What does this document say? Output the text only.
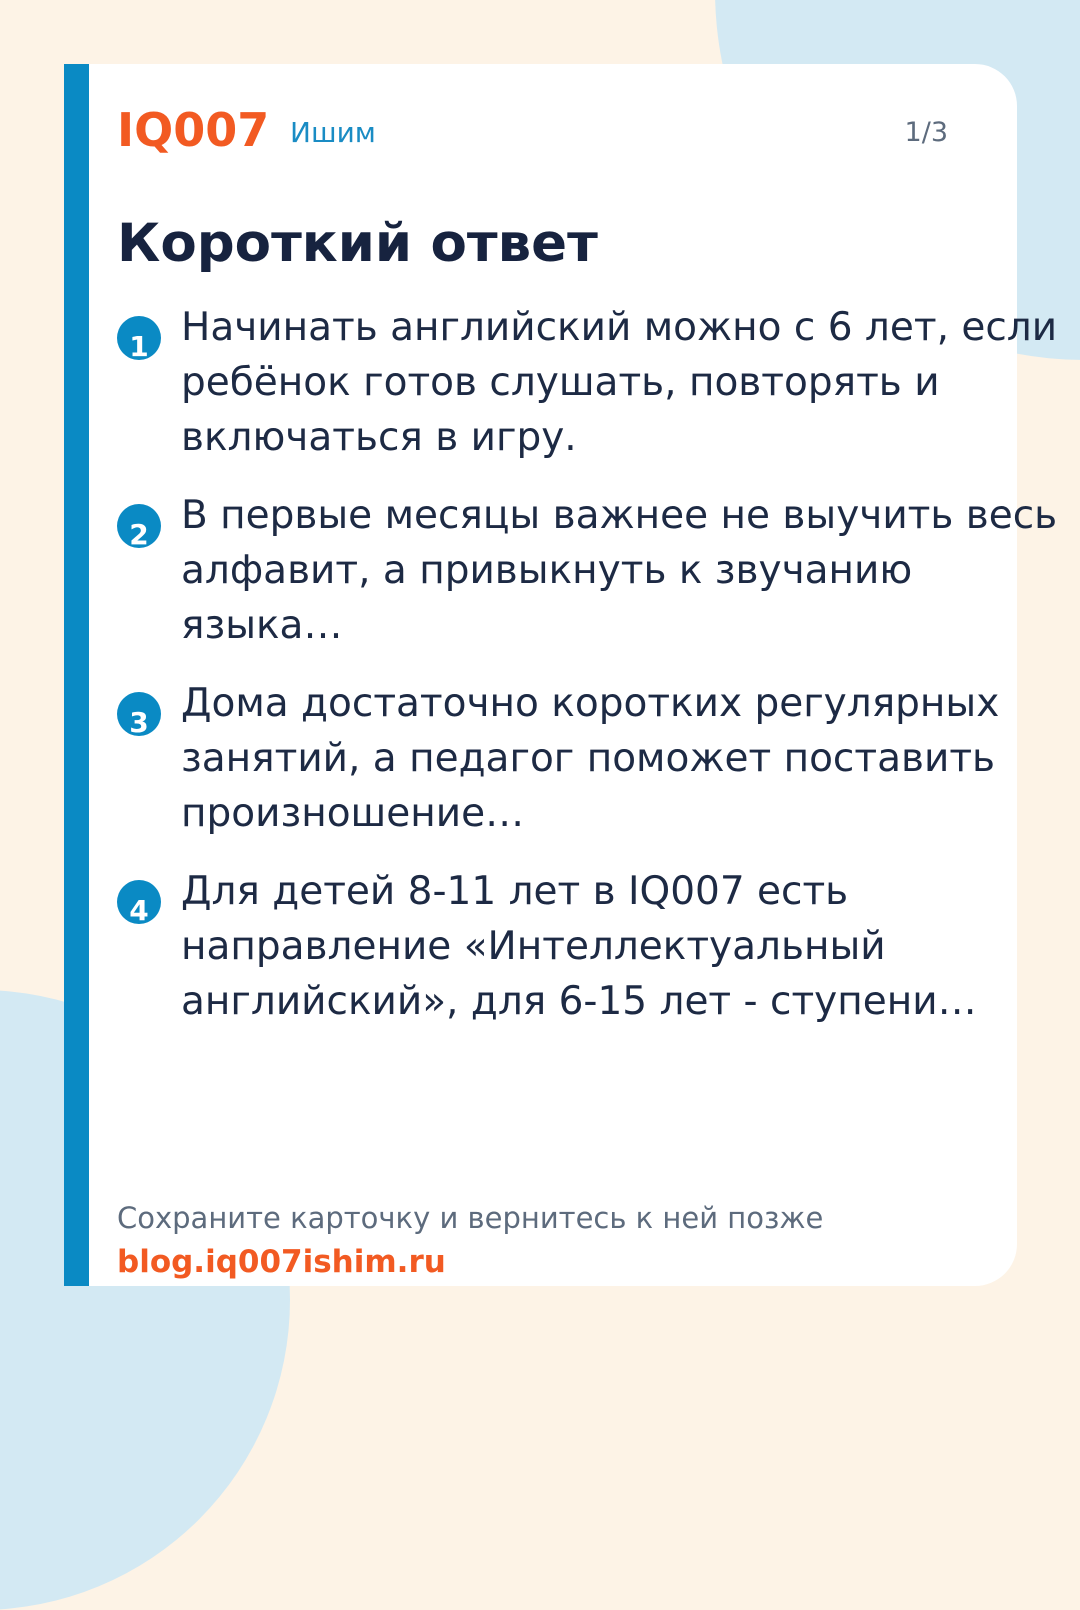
IQ007 Ишим	1/3
Короткий ответ
1 Начинать английский можно с 6 лет, если ребёнок готов слушать, повторять и включаться в игру.

2 В первые месяцы важнее не выучить весь алфавит, а привыкнуть к звучанию языка…

3 Дома достаточно коротких регулярных занятий, а педагог поможет поставить произношение…

4 Для детей 8-11 лет в IQ007 есть направление «Интеллектуальный английский», для 6-15 лет - ступени…

Сохраните карточку и вернитесь к ней позже
blog.iq007ishim.ru
